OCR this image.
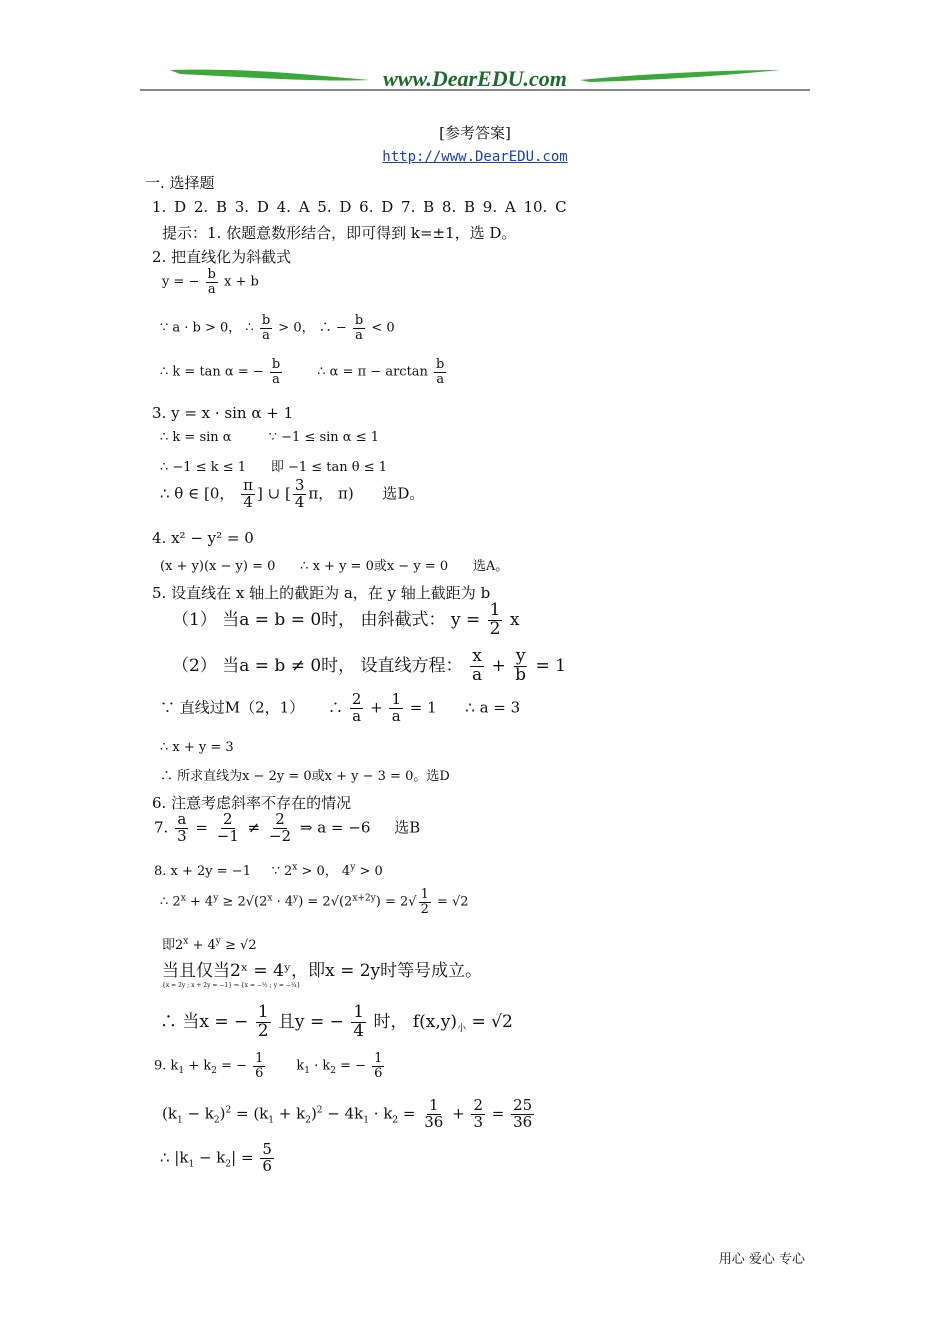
www.DearEDU.com
[参考答案]
http://www.DearEDU.com
一. 选择题
1. D 2. B 3. D 4. A 5. D 6. D 7. B 8. B 9. A 10. C
提示：1. 依题意数形结合，即可得到 k=±1，选 D。
2. 把直线化为斜截式
y = − $\frac{b}{a}$ x + b
∵ a · b > 0， ∴ $\frac{b}{a} > 0$， ∴ − $\frac{b}{a} < 0$
∴ k = tan α = − $\frac{b}{a}$ ∴ $\alpha = \pi - \arctan \frac{b}{a}$
3. y = x · sin α + 1
∴ k = sin α         ∵ −1 ≤ sin α ≤ 1
∴ −1 ≤ k ≤ 1      即 −1 ≤ tan θ ≤ 1
∴ θ ∈ [0， $\frac{\pi}{4}$ ] ∪ [ $\frac{3}{4}$ π， π)      选D。
4. x² − y² = 0
(x + y)(x − y) = 0      ∴ x + y = 0或x − y = 0      选A。
5. 设直线在 x 轴上的截距为 a，在 y 轴上截距为 b
（1） 当a = b = 0时， 由斜截式： $y = \frac{1}{2}$ x
（2） 当a = b ≠ 0时， 设直线方程： $\frac{x}{a} + \frac{y}{b} = 1$
∵ 直线过M（2，1）     ∴ $\frac{2}{a} + \frac{1}{a} = 1$      ∴ a = 3
∴ x + y = 3
∴ 所求直线为x − 2y = 0或x + y − 3 = 0。选D
6. 注意考虑斜率不存在的情况
7. $\frac{a}{3} = \frac{2}{-1} \ne \frac{2}{-2}$ ⇒ a = −6     选B
8. x + 2y = −1     ∵ $2^x > 0$， $4^y > 0$
∴ $2^x + 4^y \ge 2√(2^x \cdot 4^y) = 2√(2^{x+2y}) = 2√ \frac{1}{2} = √2$
即$2^x + 4^y \ge √2$
当且仅当2ˣ = 4ʸ，即x = 2y时等号成立。
{x = 2y ; x + 2y = −1} ⇒ {x = −½ ; y = −¼}
∴ 当x = − $\frac{1}{2}$ 且y = − $\frac{1}{4}$ 时， $f(x,y)_小 = √2$
9. $k_1 + k_2$ = − $\frac{1}{6} k_1 \cdot k_2$ = − $\frac{1}{6}$
$(k_1 - k_2)^2 = (k_1 + k_2)^2 - 4k_1 \cdot k_2 = \frac{1}{36} + \frac{2}{3} = \frac{25}{36}$
∴ $|k_1 - k_2| = \frac{5}{6}$
用心 爱心 专心
